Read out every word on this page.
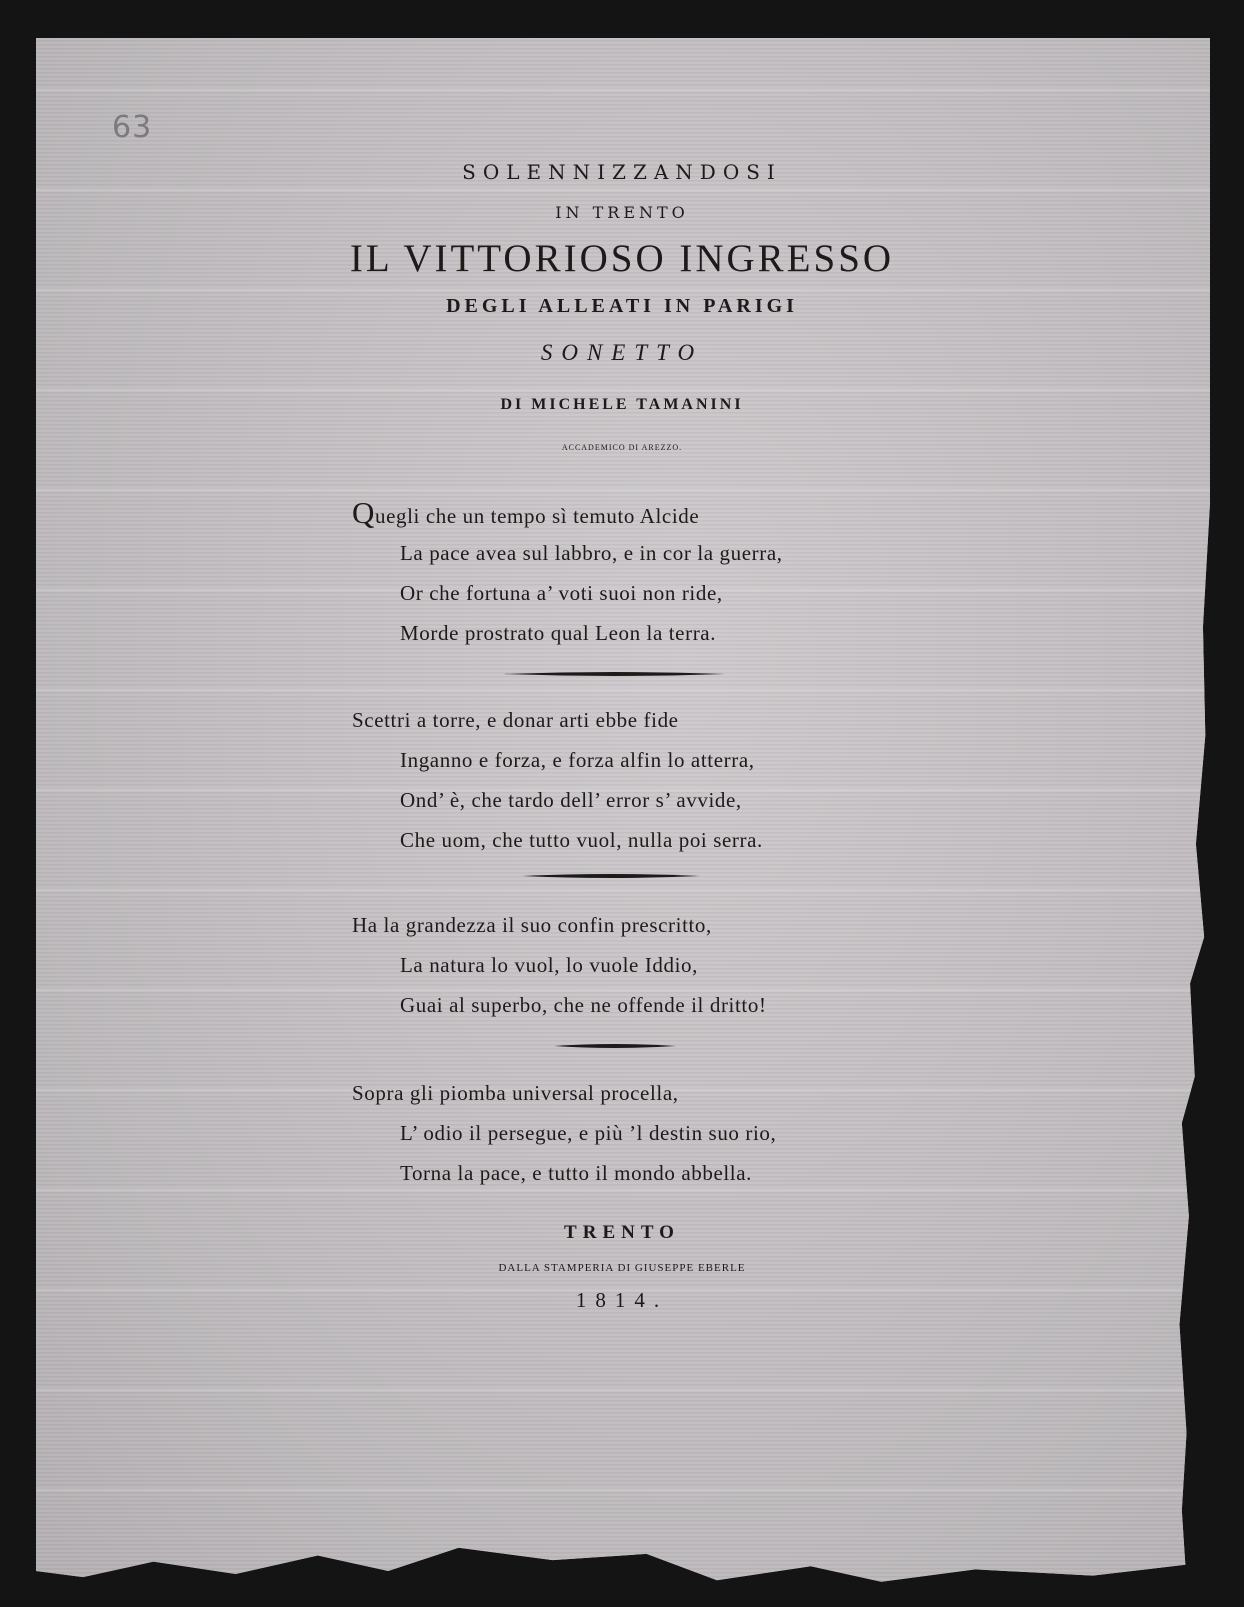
63
SOLENNIZZANDOSI
IN TRENTO
IL VITTORIOSO INGRESSO
DEGLI ALLEATI IN PARIGI
SONETTO
DI MICHELE TAMANINI
ACCADEMICO DI AREZZO.
Quegli che un tempo sì temuto Alcide
La pace avea sul labbro, e in cor la guerra,
Or che fortuna a’ voti suoi non ride,
Morde prostrato qual Leon la terra.
Scettri a torre, e donar arti ebbe fide
Inganno e forza, e forza alfin lo atterra,
Ond’ è, che tardo dell’ error s’ avvide,
Che uom, che tutto vuol, nulla poi serra.
Ha la grandezza il suo confin prescritto,
La natura lo vuol, lo vuole Iddio,
Guai al superbo, che ne offende il dritto!
Sopra gli piomba universal procella,
L’ odio il persegue, e più ’l destin suo rio,
Torna la pace, e tutto il mondo abbella.
TRENTO
DALLA STAMPERIA DI GIUSEPPE EBERLE
1814.
